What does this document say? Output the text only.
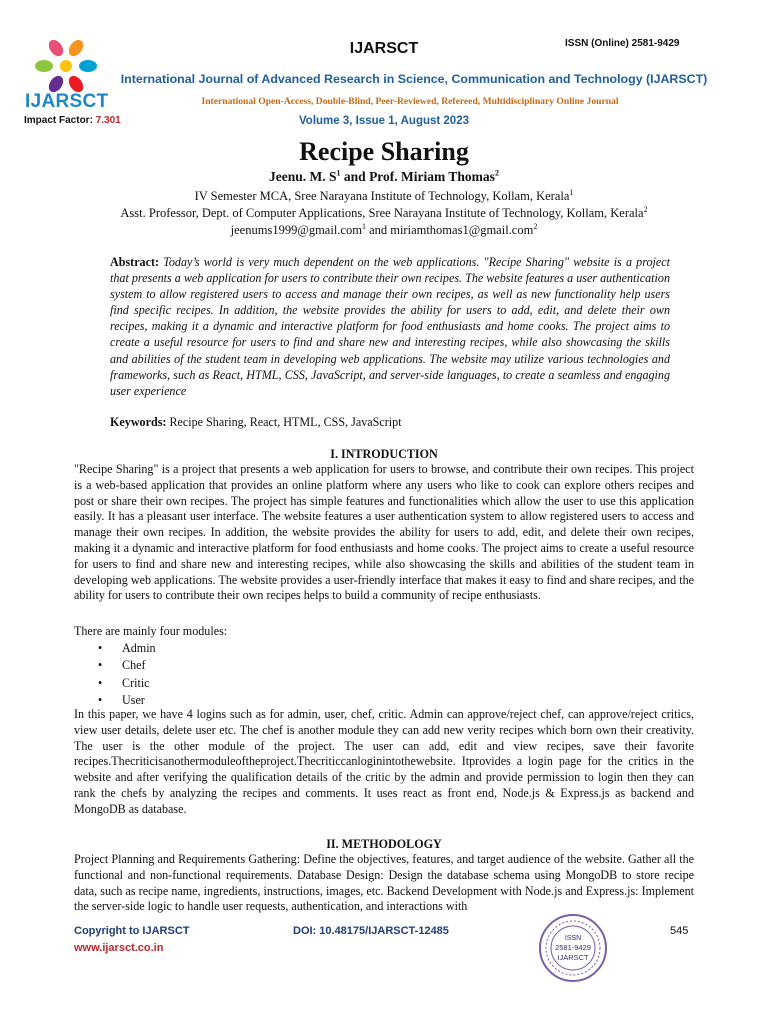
IJARSCT
Impact Factor: 7.301
IJARSCT	ISSN (Online) 2581-9429
International Journal of Advanced Research in Science, Communication and Technology (IJARSCT)
International Open-Access, Double-Blind, Peer-Reviewed, Refereed, Multidisciplinary Online Journal
Volume 3, Issue 1, August 2023
Recipe Sharing
Jeenu. M. $S^1$ and Prof. Miriam Thomas$^2$
IV Semester MCA, Sree Narayana Institute of Technology, Kollam, Kerala$^1$
Asst. Professor, Dept. of Computer Applications, Sree Narayana Institute of Technology, Kollam, Kerala$^2$
jeenums1999@gmail.com$^1$ and miriamthomas1@gmail.com$^2$
Abstract: Today’s world is very much dependent on the web applications. "Recipe Sharing" website is a project that presents a web application for users to contribute their own recipes. The website features a user authentication system to allow registered users to access and manage their own recipes, as well as new functionality help users find specific recipes. In addition, the website provides the ability for users to add, edit, and delete their own recipes, making it a dynamic and interactive platform for food enthusiasts and home cooks. The project aims to create a useful resource for users to find and share new and interesting recipes, while also showcasing the skills and abilities of the student team in developing web applications. The website may utilize various technologies and frameworks, such as React, HTML, CSS, JavaScript, and server-side languages, to create a seamless and engaging user experience
Keywords: Recipe Sharing, React, HTML, CSS, JavaScript
I. INTRODUCTION
"Recipe Sharing" is a project that presents a web application for users to browse, and contribute their own recipes. This project is a web-based application that provides an online platform where any users who like to cook can explore others recipes and post or share their own recipes. The project has simple features and functionalities which allow the user to use this application easily. It has a pleasant user interface. The website features a user authentication system to allow registered users to access and manage their own recipes. In addition, the website provides the ability for users to add, edit, and delete their own recipes, making it a dynamic and interactive platform for food enthusiasts and home cooks. The project aims to create a useful resource for users to find and share new and interesting recipes, while also showcasing the skills and abilities of the student team in developing web applications. The website provides a user-friendly interface that makes it easy to find and share recipes, and the ability for users to contribute their own recipes helps to build a community of recipe enthusiasts.
There are mainly four modules:
• Admin
• Chef
• Critic
• User
In this paper, we have 4 logins such as for admin, user, chef, critic. Admin can approve/reject chef, can approve/reject critics, view user details, delete user etc. The chef is another module they can add new verity recipes which born own their creativity. The user is the other module of the project. The user can add, edit and view recipes, save their favorite recipes.Thecriticisanothermoduleoftheproject.Thecriticcanloginintothewebsite. Itprovides a login page for the critics in the website and after verifying the qualification details of the critic by the admin and provide permission to login then they can rank the chefs by analyzing the recipes and comments. It uses react as front end, Node.js & Express.js as backend and MongoDB as database.
II. METHODOLOGY
Project Planning and Requirements Gathering: Define the objectives, features, and target audience of the website. Gather all the functional and non-functional requirements. Database Design: Design the database schema using MongoDB to store recipe data, such as recipe name, ingredients, instructions, images, etc. Backend Development with Node.js and Express.js: Implement the server-side logic to handle user requests, authentication, and interactions with
Copyright to IJARSCT
www.ijarsct.co.in
DOI: 10.48175/IJARSCT-12485
ISSN
2581-9429
IJARSCT
545
